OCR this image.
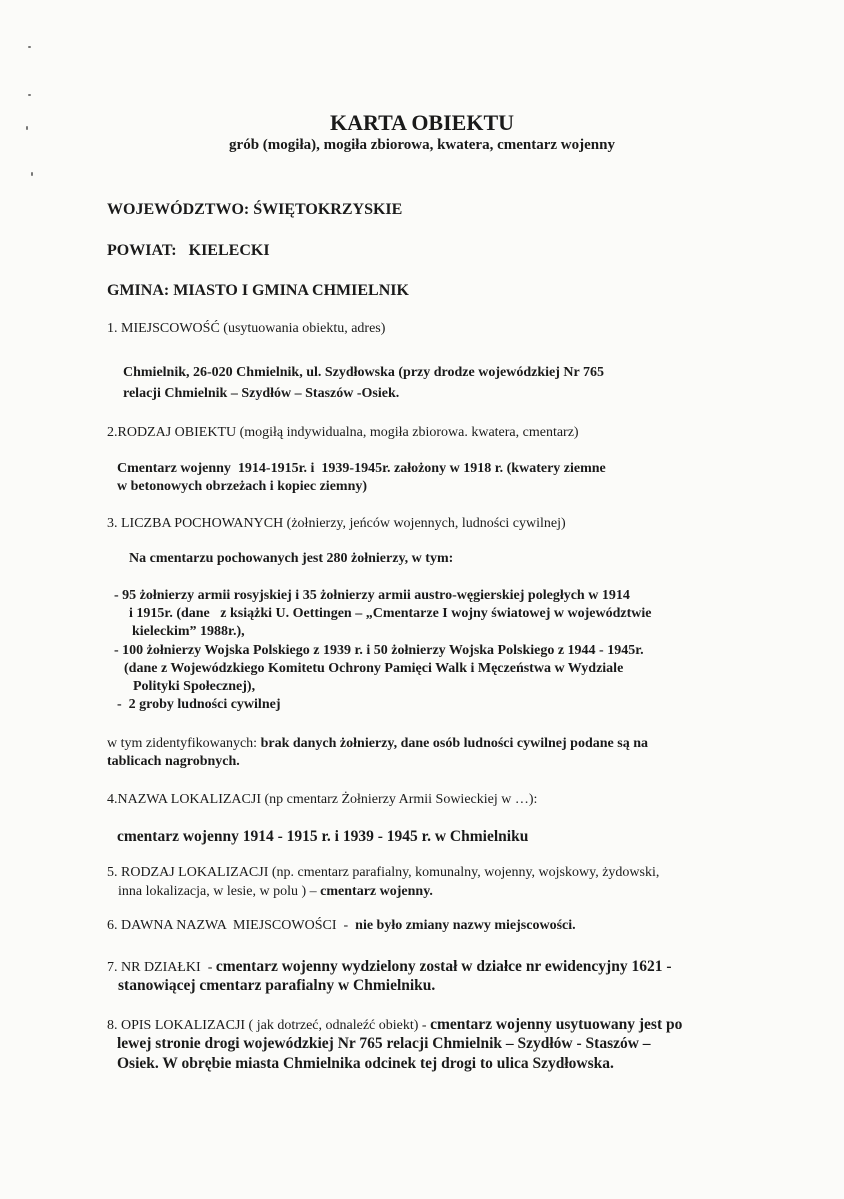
KARTA OBIEKTU
grób (mogiła), mogiła zbiorowa, kwatera, cmentarz wojenny
WOJEWÓDZTWO: ŚWIĘTOKRZYSKIE
POWIAT:   KIELECKI
GMINA: MIASTO I GMINA CHMIELNIK
1. MIEJSCOWOŚĆ (usytuowania obiektu, adres)
Chmielnik, 26-020 Chmielnik, ul. Szydłowska (przy drodze wojewódzkiej Nr 765
relacji Chmielnik – Szydłów – Staszów -Osiek.
2.RODZAJ OBIEKTU (mogiłą indywidualna, mogiła zbiorowa. kwatera, cmentarz)
Cmentarz wojenny  1914-1915r. i  1939-1945r. założony w 1918 r. (kwatery ziemne
w betonowych obrzeżach i kopiec ziemny)
3. LICZBA POCHOWANYCH (żołnierzy, jeńców wojennych, ludności cywilnej)
Na cmentarzu pochowanych jest 280 żołnierzy, w tym:
- 95 żołnierzy armii rosyjskiej i 35 żołnierzy armii austro-węgierskiej poległych w 1914
i 1915r. (dane   z książki U. Oettingen – „Cmentarze I wojny światowej w województwie
kieleckim” 1988r.),
- 100 żołnierzy Wojska Polskiego z 1939 r. i 50 żołnierzy Wojska Polskiego z 1944 - 1945r.
(dane z Wojewódzkiego Komitetu Ochrony Pamięci Walk i Męczeństwa w Wydziale
Polityki Społecznej),
-  2 groby ludności cywilnej
w tym zidentyfikowanych: brak danych żołnierzy, dane osób ludności cywilnej podane są na
tablicach nagrobnych.
4.NAZWA LOKALIZACJI (np cmentarz Żołnierzy Armii Sowieckiej w …):
cmentarz wojenny 1914 - 1915 r. i 1939 - 1945 r. w Chmielniku
5. RODZAJ LOKALIZACJI (np. cmentarz parafialny, komunalny, wojenny, wojskowy, żydowski,
inna lokalizacja, w lesie, w polu ) – cmentarz wojenny.
6. DAWNA NAZWA  MIEJSCOWOŚCI  -  nie było zmiany nazwy miejscowości.
7. NR DZIAŁKI  - cmentarz wojenny wydzielony został w działce nr ewidencyjny 1621 -
stanowiącej cmentarz parafialny w Chmielniku.
8. OPIS LOKALIZACJI ( jak dotrzeć, odnaleźć obiekt) - cmentarz wojenny usytuowany jest po
lewej stronie drogi wojewódzkiej Nr 765 relacji Chmielnik – Szydłów - Staszów –
Osiek. W obrębie miasta Chmielnika odcinek tej drogi to ulica Szydłowska.
